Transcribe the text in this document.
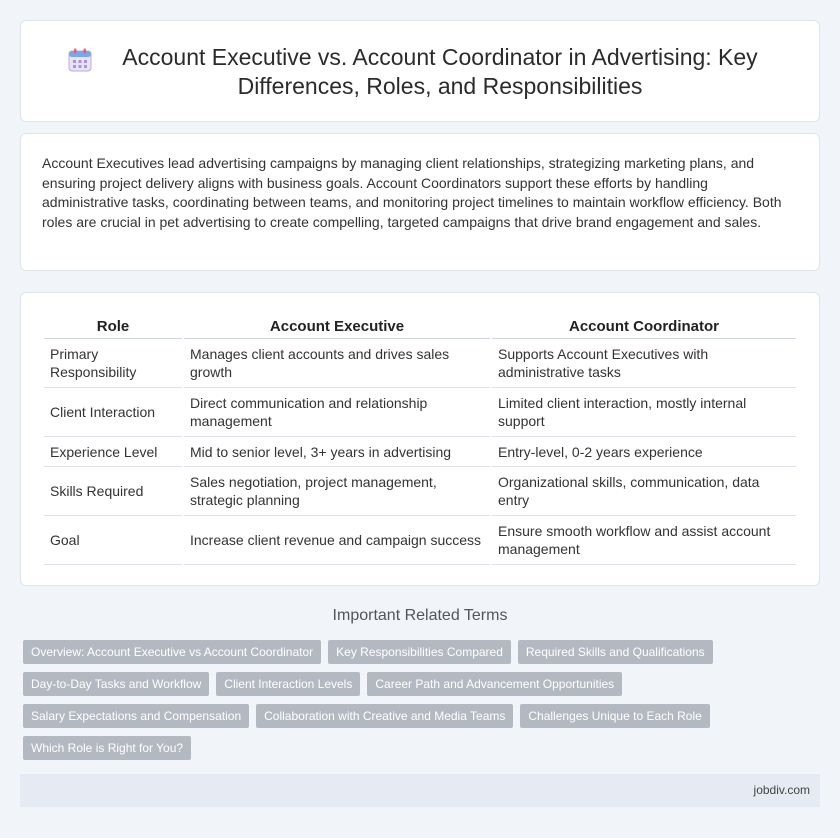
Account Executive vs. Account Coordinator in Advertising: Key Differences, Roles, and Responsibilities

Account Executives lead advertising campaigns by managing client relationships, strategizing marketing plans, and ensuring project delivery aligns with business goals. Account Coordinators support these efforts by handling administrative tasks, coordinating between teams, and monitoring project timelines to maintain workflow efficiency. Both roles are crucial in pet advertising to create compelling, targeted campaigns that drive brand engagement and sales.

Role	Account Executive	Account Coordinator
Primary Responsibility	Manages client accounts and drives sales growth	Supports Account Executives with administrative tasks
Client Interaction	Direct communication and relationship management	Limited client interaction, mostly internal support
Experience Level	Mid to senior level, 3+ years in advertising	Entry-level, 0-2 years experience
Skills Required	Sales negotiation, project management, strategic planning	Organizational skills, communication, data entry
Goal	Increase client revenue and campaign success	Ensure smooth workflow and assist account management
Important Related Terms
Overview: Account Executive vs Account Coordinator	Key Responsibilities Compared	Required Skills and Qualifications
Day-to-Day Tasks and Workflow	Client Interaction Levels	Career Path and Advancement Opportunities
Salary Expectations and Compensation	Collaboration with Creative and Media Teams	Challenges Unique to Each Role
Which Role is Right for You?
jobdiv.com
